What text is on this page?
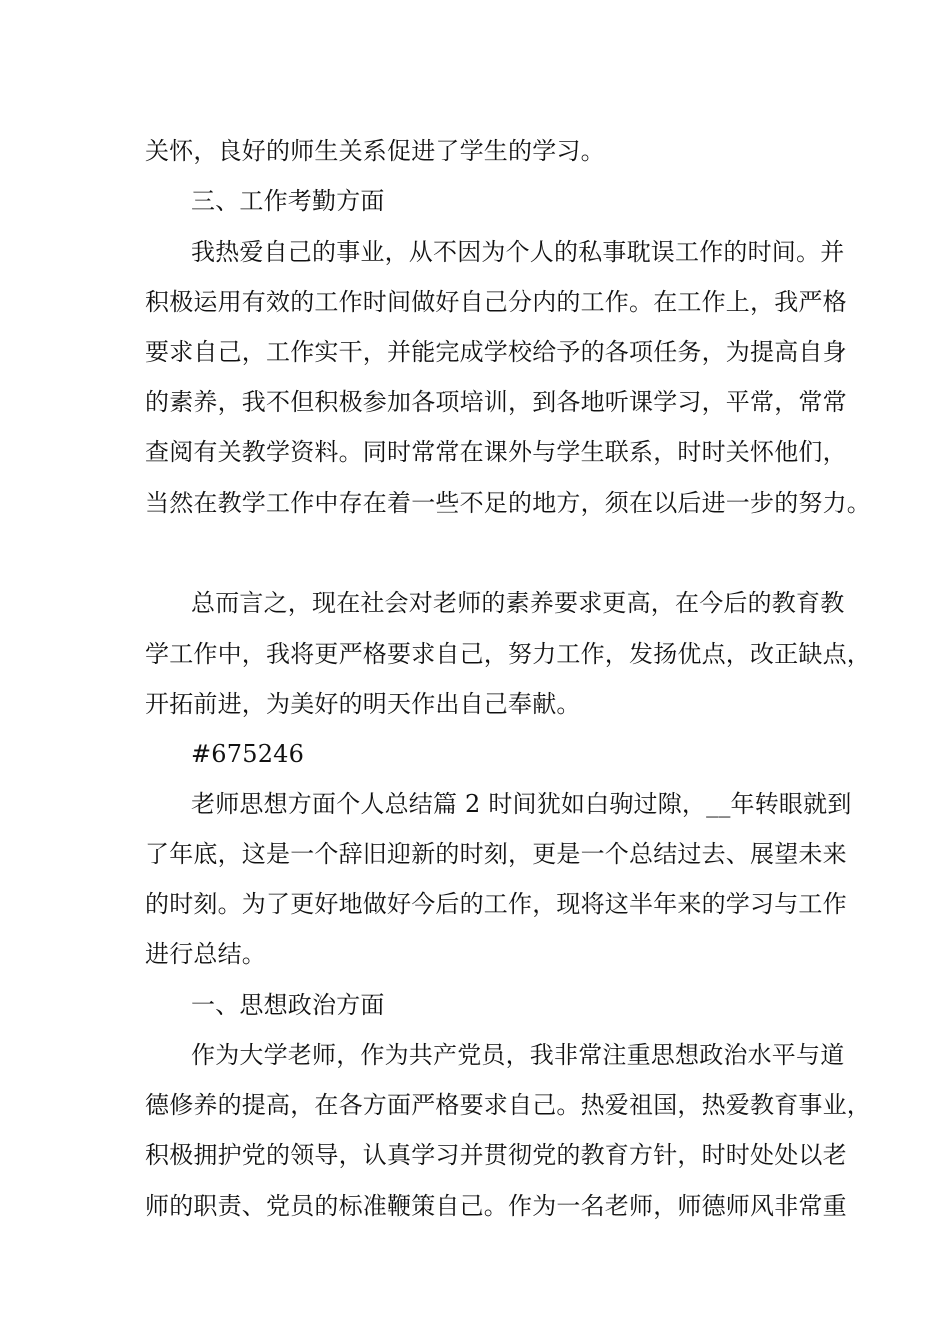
关怀，良好的师生关系促进了学生的学习。
三、工作考勤方面
我热爱自己的事业，从不因为个人的私事耽误工作的时间。并
积极运用有效的工作时间做好自己分内的工作。在工作上，我严格
要求自己，工作实干，并能完成学校给予的各项任务，为提高自身
的素养，我不但积极参加各项培训，到各地听课学习，平常，常常
查阅有关教学资料。同时常常在课外与学生联系，时时关怀他们，
当然在教学工作中存在着一些不足的地方，须在以后进一步的努力。
总而言之，现在社会对老师的素养要求更高，在今后的教育教
学工作中，我将更严格要求自己，努力工作，发扬优点，改正缺点，
开拓前进，为美好的明天作出自己奉献。
#675246
老师思想方面个人总结篇 2 时间犹如白驹过隙，__年转眼就到
了年底，这是一个辞旧迎新的时刻，更是一个总结过去、展望未来
的时刻。为了更好地做好今后的工作，现将这半年来的学习与工作
进行总结。
一、思想政治方面
作为大学老师，作为共产党员，我非常注重思想政治水平与道
德修养的提高，在各方面严格要求自己。热爱祖国，热爱教育事业，
积极拥护党的领导，认真学习并贯彻党的教育方针，时时处处以老
师的职责、党员的标准鞭策自己。作为一名老师，师德师风非常重
